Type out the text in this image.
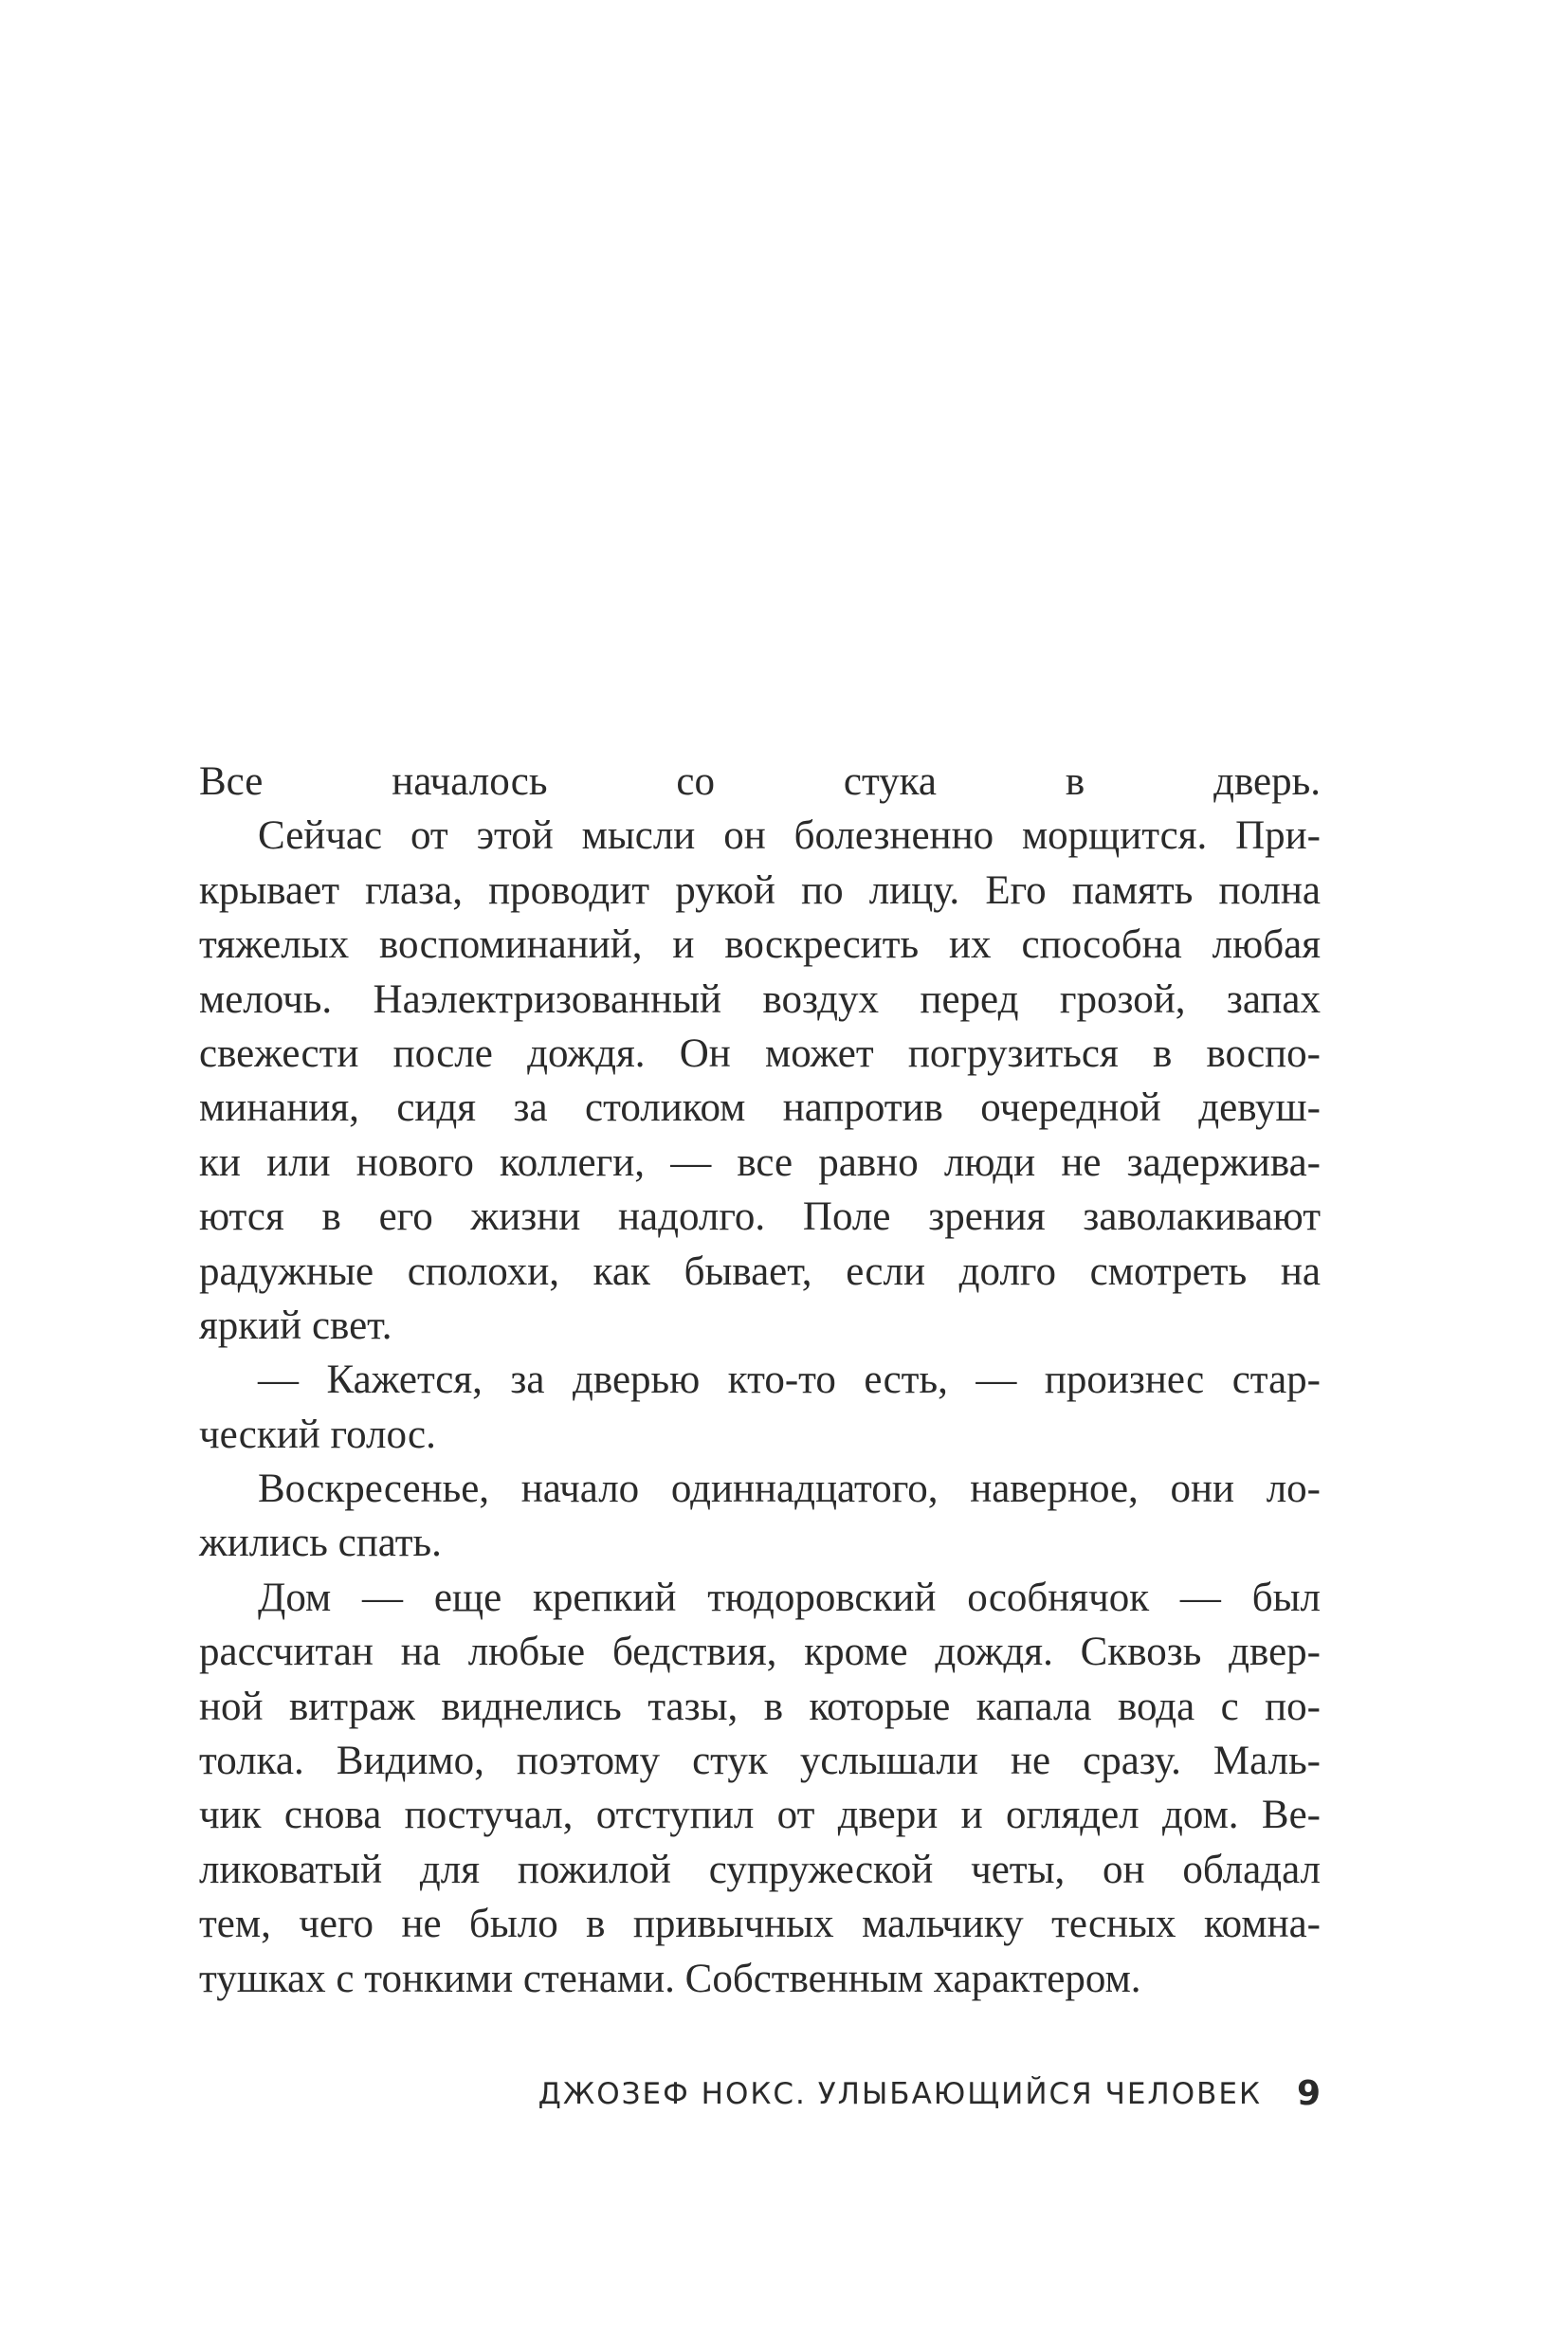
Все началось со стука в дверь.
Сейчас от этой мысли он болезненно морщится. При-
крывает глаза, проводит рукой по лицу. Его память полна
тяжелых воспоминаний, и воскресить их способна любая
мелочь. Наэлектризованный воздух перед грозой, запах
свежести после дождя. Он может погрузиться в воспо-
минания, сидя за столиком напротив очередной девуш-
ки или нового коллеги, — все равно люди не задержива-
ются в его жизни надолго. Поле зрения заволакивают
радужные сполохи, как бывает, если долго смотреть на
яркий свет.
— Кажется, за дверью кто-то есть, — произнес стар-
ческий голос.
Воскресенье, начало одиннадцатого, наверное, они ло-
жились спать.
Дом — еще крепкий тюдоровский особнячок — был
рассчитан на любые бедствия, кроме дождя. Сквозь двер-
ной витраж виднелись тазы, в которые капала вода с по-
толка. Видимо, поэтому стук услышали не сразу. Маль-
чик снова постучал, отступил от двери и оглядел дом. Ве-
ликоватый для пожилой супружеской четы, он обладал
тем, чего не было в привычных мальчику тесных комна-
тушках с тонкими стенами. Собственным характером.
ДЖОЗЕФ НОКС. УЛЫБАЮЩИЙСЯ ЧЕЛОВЕК 9
